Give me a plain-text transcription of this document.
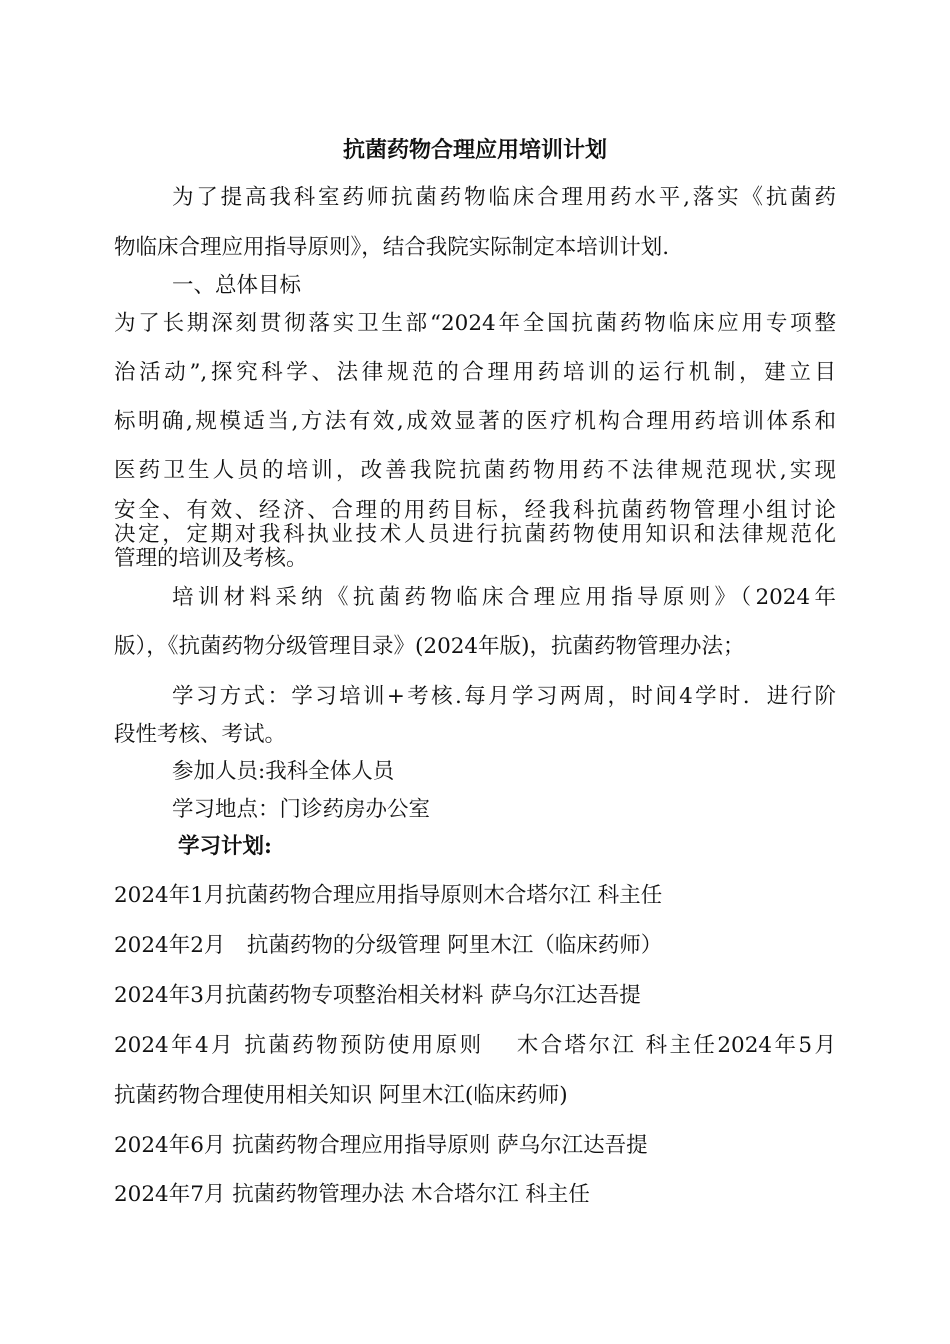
抗菌药物合理应用培训计划
为了提高我科室药师抗菌药物临床合理用药水平,落实《抗菌药
物临床合理应用指导原则》，结合我院实际制定本培训计划.
一、总体目标
为了长期深刻贯彻落实卫生部“2024年全国抗菌药物临床应用专项整
治活动”,探究科学、法律规范的合理用药培训的运行机制，建立目
标明确,规模适当,方法有效,成效显著的医疗机构合理用药培训体系和
医药卫生人员的培训，改善我院抗菌药物用药不法律规范现状,实现
安全、有效、经济、合理的用药目标，经我科抗菌药物管理小组讨论
决定，定期对我科执业技术人员进行抗菌药物使用知识和法律规范化
管理的培训及考核。
培训材料采纳《抗菌药物临床合理应用指导原则》（2024年
版），《抗菌药物分级管理目录》(2024年版)，抗菌药物管理办法；
学习方式：学习培训+考核.每月学习两周，时间4学时．进行阶
段性考核、考试。
参加人员:我科全体人员
学习地点：门诊药房办公室
学习计划:
2024年1月抗菌药物合理应用指导原则木合塔尔江 科主任
2024年2月　抗菌药物的分级管理 阿里木江（临床药师）
2024年3月抗菌药物专项整治相关材料 萨乌尔江达吾提
2024年4月 抗菌药物预防使用原则　 木合塔尔江 科主任2024年5月
抗菌药物合理使用相关知识 阿里木江(临床药师)
2024年6月 抗菌药物合理应用指导原则 萨乌尔江达吾提
2024年7月 抗菌药物管理办法 木合塔尔江 科主任
